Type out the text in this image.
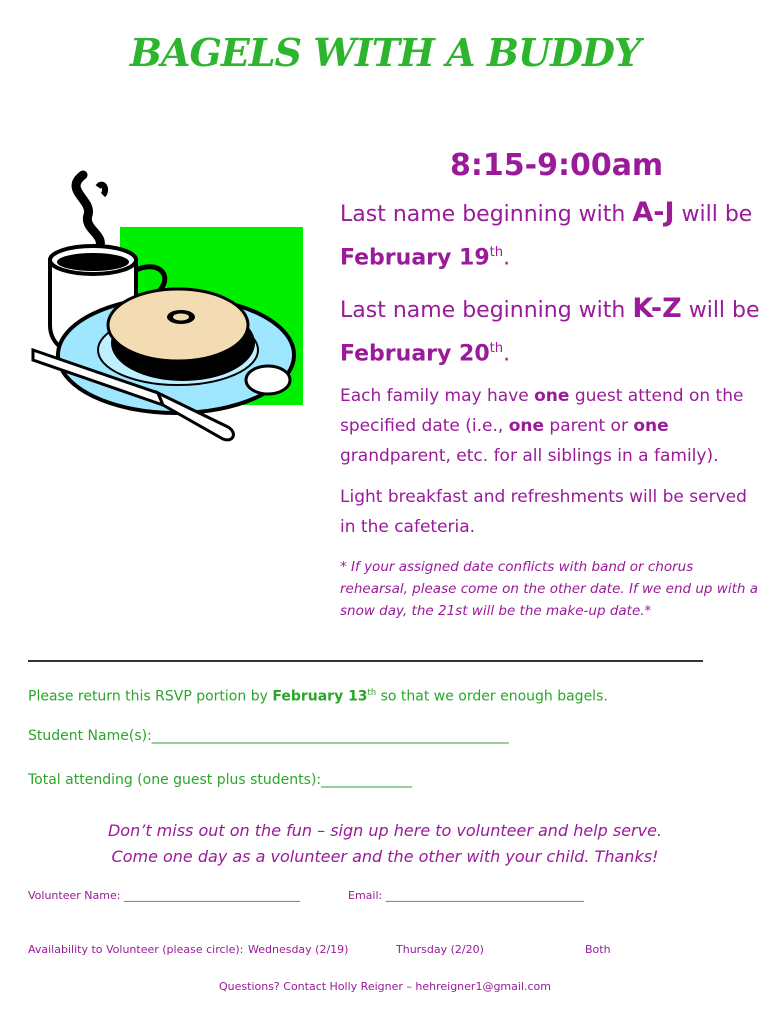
BAGELS WITH A BUDDY
8:15-9:00am
Last name beginning with A-J will be February 19th.
Last name beginning with K-Z will be February 20th.
Each family may have one guest attend on the specified date (i.e., one parent or one grandparent, etc. for all siblings in a family).
Light breakfast and refreshments will be served in the cafeteria.
* If your assigned date conflicts with band or chorus rehearsal, please come on the other date. If we end up with a snow day, the 21st will be the make-up date.*
Please return this RSVP portion by February 13th so that we order enough bagels.
Student Name(s):___________________________________________________
Total attending (one guest plus students):_____________
Don’t miss out on the fun – sign up here to volunteer and help serve.
Come one day as a volunteer and the other with your child. Thanks!
Volunteer Name: ________________________________	Email: ____________________________________
Availability to Volunteer (please circle): Wednesday (2/19)	Thursday (2/20)	Both
Questions? Contact Holly Reigner – hehreigner1@gmail.com
